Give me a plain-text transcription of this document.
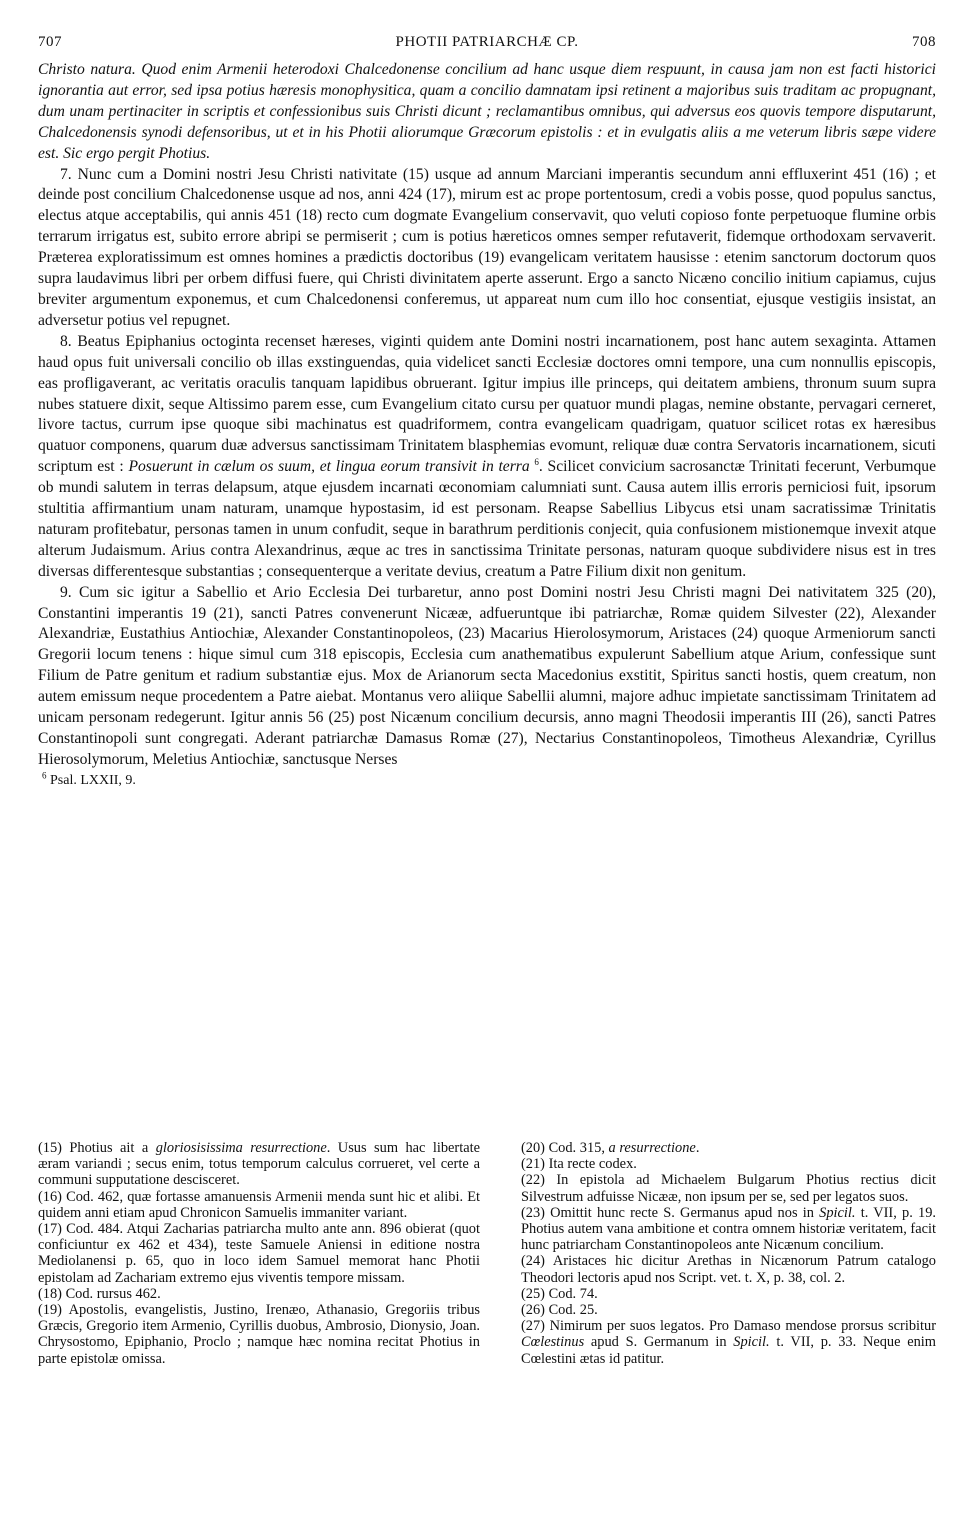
707	PHOTII PATRIARCHÆ CP.	708

Christo natura. Quod enim Armenii heterodoxi Chalcedonense concilium ad hanc usque diem respuunt, in causa jam non est facti historici ignorantia aut error, sed ipsa potius hæresis monophysitica, quam a concilio damnatam ipsi retinent a majoribus suis traditam ac propugnant, dum unam pertinaciter in scriptis et confessionibus suis Christi dicunt ; reclamantibus omnibus, qui adversus eos quovis tempore disputarunt, Chalcedonensis synodi defensoribus, ut et in his Photii aliorumque Græcorum epistolis : et in evulgatis aliis a me veterum libris sæpe videre est. Sic ergo pergit Photius.

7. Nunc cum a Domini nostri Jesu Christi nativitate (15) usque ad annum Marciani imperantis secundum anni effluxerint 451 (16) ; et deinde post concilium Chalcedonense usque ad nos, anni 424 (17), mirum est ac prope portentosum, credi a vobis posse, quod populus sanctus, electus atque acceptabilis, qui annis 451 (18) recto cum dogmate Evangelium conservavit, quo veluti copioso fonte perpetuoque flumine orbis terrarum irrigatus est, subito errore abripi se permiserit ; cum is potius hæreticos omnes semper refutaverit, fidemque orthodoxam servaverit. Præterea exploratissimum est omnes homines a prædictis doctoribus (19) evangelicam veritatem hausisse : etenim sanctorum doctorum quos supra laudavimus libri per orbem diffusi fuere, qui Christi divinitatem aperte asserunt. Ergo a sancto Nicæno concilio initium capiamus, cujus breviter argumentum exponemus, et cum Chalcedonensi conferemus, ut appareat num cum illo hoc consentiat, ejusque vestigiis insistat, an adversetur potius vel repugnet.

8. Beatus Epiphanius octoginta recenset hæreses, viginti quidem ante Domini nostri incarnationem, post hanc autem sexaginta. Attamen haud opus fuit universali concilio ob illas exstinguendas, quia videlicet sancti Ecclesiæ doctores omni tempore, una cum nonnullis episcopis, eas profligaverant, ac veritatis oraculis tanquam lapidibus obruerant. Igitur impius ille princeps, qui deitatem ambiens, thronum suum supra nubes statuere dixit, seque Altissimo parem esse, cum Evangelium citato cursu per quatuor mundi plagas, nemine obstante, pervagari cerneret, livore tactus, currum ipse quoque sibi machinatus est quadriformem, contra evangelicam quadrigam, quatuor scilicet rotas ex hæresibus quatuor componens, quarum duæ adversus sanctissimam Trinitatem blasphemias evomunt, reliquæ duæ contra Servatoris incarnationem, sicuti scriptum est : Posuerunt in cælum os suum, et lingua eorum transivit in terra $^6$. Scilicet convicium sacrosanctæ Trinitati fecerunt, Verbumque ob mundi salutem in terras delapsum, atque ejusdem incarnati œconomiam calumniati sunt. Causa autem illis erroris perniciosi fuit, ipsorum stultitia affirmantium unam naturam, unamque hypostasim, id est personam. Reapse Sabellius Libycus etsi unam sacratissimæ Trinitatis naturam profitebatur, personas tamen in unum confudit, seque in barathrum perditionis conjecit, quia confusionem mistionemque invexit atque alterum Judaismum. Arius contra Alexandrinus, æque ac tres in sanctissima Trinitate personas, naturam quoque subdividere nisus est in tres diversas differentesque substantias ; consequenterque a veritate devius, creatum a Patre Filium dixit non genitum.

9. Cum sic igitur a Sabellio et Ario Ecclesia Dei turbaretur, anno post Domini nostri Jesu Christi magni Dei nativitatem 325 (20), Constantini imperantis 19 (21), sancti Patres convenerunt Nicææ, adfueruntque ibi patriarchæ, Romæ quidem Silvester (22), Alexander Alexandriæ, Eustathius Antiochiæ, Alexander Constantinopoleos, (23) Macarius Hierolosymorum, Aristaces (24) quoque Armeniorum sancti Gregorii locum tenens : hique simul cum 318 episcopis, Ecclesia cum anathematibus expulerunt Sabellium atque Arium, confessique sunt Filium de Patre genitum et radium substantiæ ejus. Mox de Arianorum secta Macedonius exstitit, Spiritus sancti hostis, quem creatum, non autem emissum neque procedentem a Patre aiebat. Montanus vero aliique Sabellii alumni, majore adhuc impietate sanctissimam Trinitatem ad unicam personam redegerunt. Igitur annis 56 (25) post Nicænum concilium decursis, anno magni Theodosii imperantis III (26), sancti Patres Constantinopoli sunt congregati. Aderant patriarchæ Damasus Romæ (27), Nectarius Constantinopoleos, Timotheus Alexandriæ, Cyrillus Hierosolymorum, Meletius Antiochiæ, sanctusque Nerses

$^6$ Psal. LXXII, 9.

(15) Photius ait a gloriosisissima resurrectione. Usus sum hac libertate æram variandi ; secus enim, totus temporum calculus corrueret, vel certe a communi supputatione descisceret.

(16) Cod. 462, quæ fortasse amanuensis Armenii menda sunt hic et alibi. Et quidem anni etiam apud Chronicon Samuelis immaniter variant.

(17) Cod. 484. Atqui Zacharias patriarcha multo ante ann. 896 obierat (quot conficiuntur ex 462 et 434), teste Samuele Aniensi in editione nostra Mediolanensi p. 65, quo in loco idem Samuel memorat hanc Photii epistolam ad Zachariam extremo ejus viventis tempore missam.

(18) Cod. rursus 462.

(19) Apostolis, evangelistis, Justino, Irenæo, Athanasio, Gregoriis tribus Græcis, Gregorio item Armenio, Cyrillis duobus, Ambrosio, Dionysio, Joan. Chrysostomo, Epiphanio, Proclo ; namque hæc nomina recitat Photius in parte epistolæ omissa.

(20) Cod. 315, a resurrectione.

(21) Ita recte codex.

(22) In epistola ad Michaelem Bulgarum Photius rectius dicit Silvestrum adfuisse Nicææ, non ipsum per se, sed per legatos suos.

(23) Omittit hunc recte S. Germanus apud nos in Spicil. t. VII, p. 19. Photius autem vana ambitione et contra omnem historiæ veritatem, facit hunc patriarcham Constantinopoleos ante Nicænum concilium.

(24) Aristaces hic dicitur Arethas in Nicænorum Patrum catalogo Theodori lectoris apud nos Script. vet. t. X, p. 38, col. 2.

(25) Cod. 74.

(26) Cod. 25.

(27) Nimirum per suos legatos. Pro Damaso mendose prorsus scribitur Cœlestinus apud S. Germanum in Spicil. t. VII, p. 33. Neque enim Cœlestini ætas id patitur.
